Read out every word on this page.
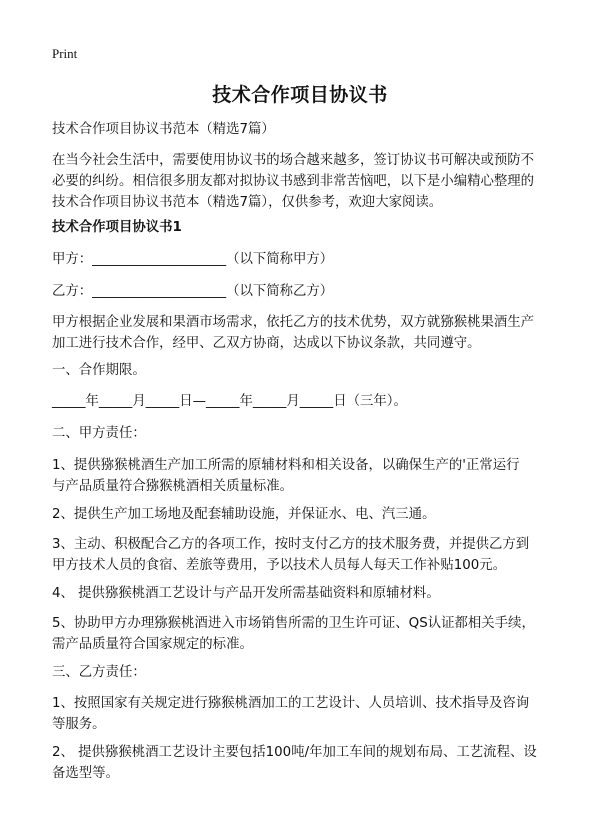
Print
技术合作项目协议书
技术合作项目协议书范本（精选7篇）
在当今社会生活中，需要使用协议书的场合越来越多，签订协议书可解决或预防不
必要的纠纷。相信很多朋友都对拟协议书感到非常苦恼吧，以下是小编精心整理的
技术合作项目协议书范本（精选7篇），仅供参考，欢迎大家阅读。
技术合作项目协议书1
甲方：____________________（以下简称甲方）
乙方：____________________（以下简称乙方）
甲方根据企业发展和果酒市场需求，依托乙方的技术优势，双方就猕猴桃果酒生产
加工进行技术合作，经甲、乙双方协商，达成以下协议条款，共同遵守。
一、合作期限。
_____年_____月_____日—_____年_____月_____日（三年）。
二、甲方责任：
1、提供猕猴桃酒生产加工所需的原辅材料和相关设备，以确保生产的'正常运行
与产品质量符合猕猴桃酒相关质量标准。
2、提供生产加工场地及配套辅助设施，并保证水、电、汽三通。
3、主动、积极配合乙方的各项工作，按时支付乙方的技术服务费，并提供乙方到
甲方技术人员的食宿、差旅等费用，予以技术人员每人每天工作补贴100元。
4、 提供猕猴桃酒工艺设计与产品开发所需基础资料和原辅材料。
5、协助甲方办理猕猴桃酒进入市场销售所需的卫生许可证、QS认证都相关手续，
需产品质量符合国家规定的标准。
三、乙方责任：
1、按照国家有关规定进行猕猴桃酒加工的工艺设计、人员培训、技术指导及咨询
等服务。
2、 提供猕猴桃酒工艺设计主要包括100吨/年加工车间的规划布局、工艺流程、设
备选型等。
